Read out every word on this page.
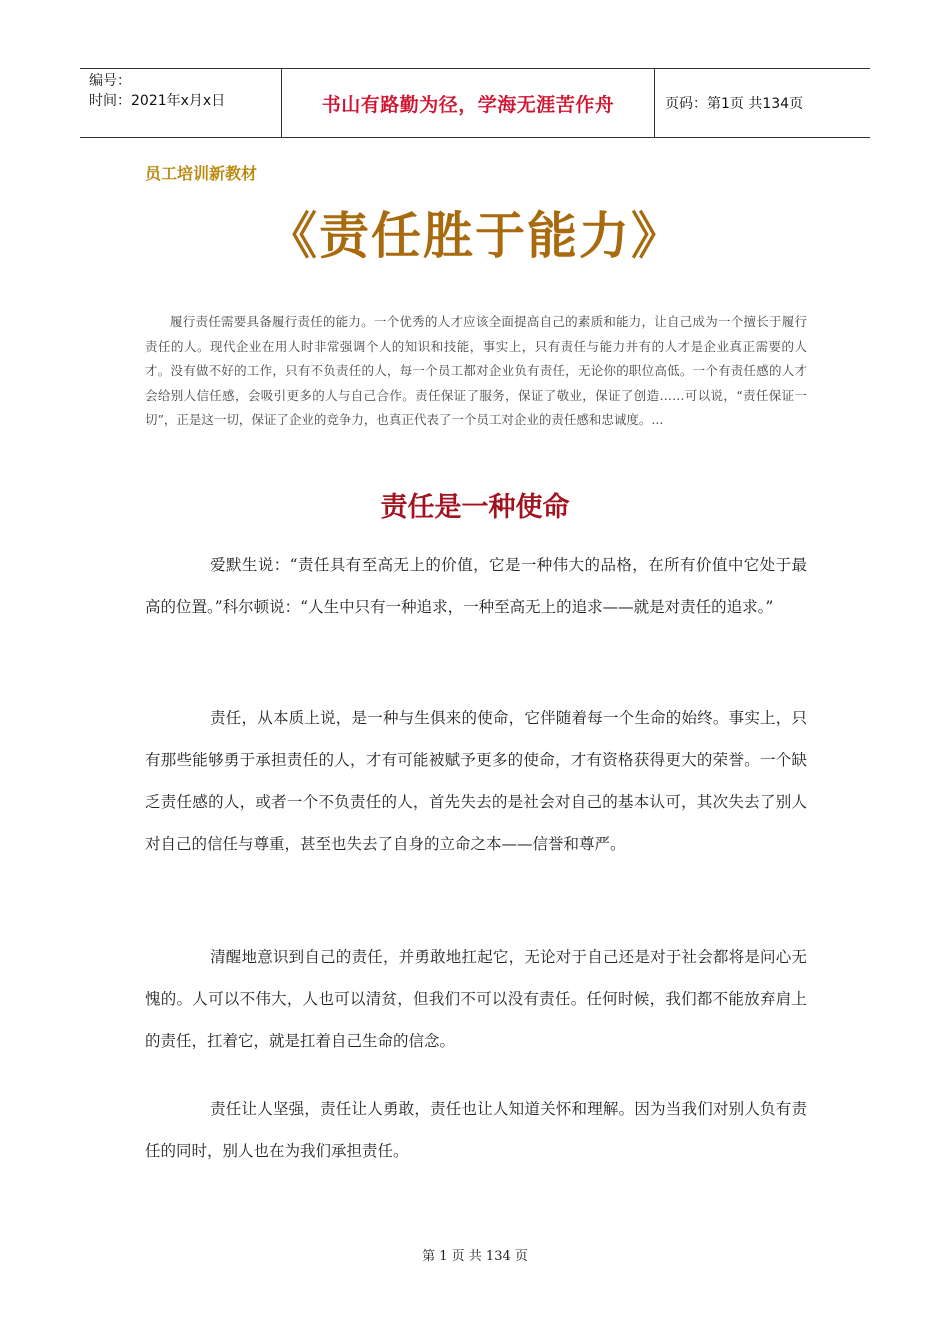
编号：
时间：2021年x月x日	书山有路勤为径，学海无涯苦作舟	页码：第1页 共134页
员工培训新教材
《责任胜于能力》
履行责任需要具备履行责任的能力。一个优秀的人才应该全面提高自己的素质和能力，让自己成为一个擅长于履行责任的人。现代企业在用人时非常强调个人的知识和技能，事实上，只有责任与能力并有的人才是企业真正需要的人才。没有做不好的工作，只有不负责任的人，每一个员工都对企业负有责任，无论你的职位高低。一个有责任感的人才会给别人信任感，会吸引更多的人与自己合作。责任保证了服务，保证了敬业，保证了创造……可以说，“责任保证一切”，正是这一切，保证了企业的竞争力，也真正代表了一个员工对企业的责任感和忠诚度。...
责任是一种使命
爱默生说：“责任具有至高无上的价值，它是一种伟大的品格，在所有价值中它处于最高的位置。”科尔顿说：“人生中只有一种追求，一种至高无上的追求——就是对责任的追求。”
责任，从本质上说，是一种与生俱来的使命，它伴随着每一个生命的始终。事实上，只有那些能够勇于承担责任的人，才有可能被赋予更多的使命，才有资格获得更大的荣誉。一个缺乏责任感的人，或者一个不负责任的人，首先失去的是社会对自己的基本认可，其次失去了别人对自己的信任与尊重，甚至也失去了自身的立命之本——信誉和尊严。
清醒地意识到自己的责任，并勇敢地扛起它，无论对于自己还是对于社会都将是问心无愧的。人可以不伟大，人也可以清贫，但我们不可以没有责任。任何时候，我们都不能放弃肩上的责任，扛着它，就是扛着自己生命的信念。
责任让人坚强，责任让人勇敢，责任也让人知道关怀和理解。因为当我们对别人负有责任的同时，别人也在为我们承担责任。
第 1 页 共 134 页
